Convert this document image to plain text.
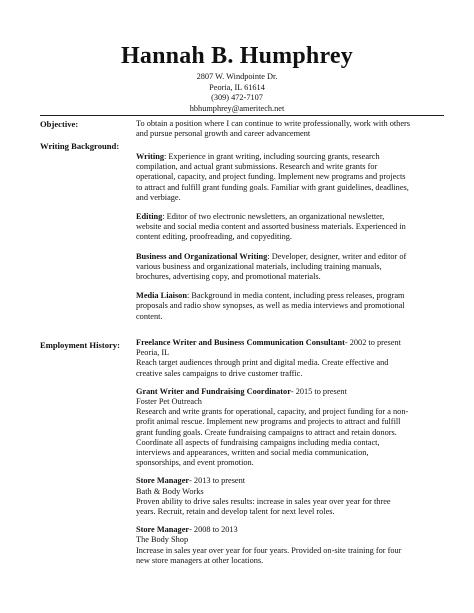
Hannah B. Humphrey
2807 W. Windpointe Dr.
Peoria, IL 61614
(309) 472-7107
hbhumphrey@ameritech.net
Objective:	To obtain a position where I can continue to write professionally, work with others
and pursue personal growth and career advancement
Writing Background:
Writing: Experience in grant writing, including sourcing grants, research
compilation, and actual grant submissions. Research and write grants for
operational, capacity, and project funding. Implement new programs and projects
to attract and fulfill grant funding goals. Familiar with grant guidelines, deadlines,
and verbiage.
Editing: Editor of two electronic newsletters, an organizational newsletter,
website and social media content and assorted business materials. Experienced in
content editing, proofreading, and copyediting.
Business and Organizational Writing: Developer, designer, writer and editor of
various business and organizational materials, including training manuals,
brochures, advertising copy, and promotional materials.
Media Liaison: Background in media content, including press releases, program
proposals and radio show synopses, as well as media interviews and promotional
content.
Employment History: Freelance Writer and Business Communication Consultant- 2002 to present
Peoria, IL
Reach target audiences through print and digital media. Create effective and
creative sales campaigns to drive customer traffic.
Grant Writer and Fundraising Coordinator- 2015 to present
Foster Pet Outreach
Research and write grants for operational, capacity, and project funding for a non-
profit animal rescue. Implement new programs and projects to attract and fulfill
grant funding goals. Create fundraising campaigns to attract and retain donors.
Coordinate all aspects of fundraising campaigns including media contact,
interviews and appearances, written and social media communication,
sponsorships, and event promotion.
Store Manager- 2013 to present
Bath & Body Works
Proven ability to drive sales results: increase in sales year over year for three
years. Recruit, retain and develop talent for next level roles.
Store Manager- 2008 to 2013
The Body Shop
Increase in sales year over year for four years. Provided on-site training for four
new store managers at other locations.
